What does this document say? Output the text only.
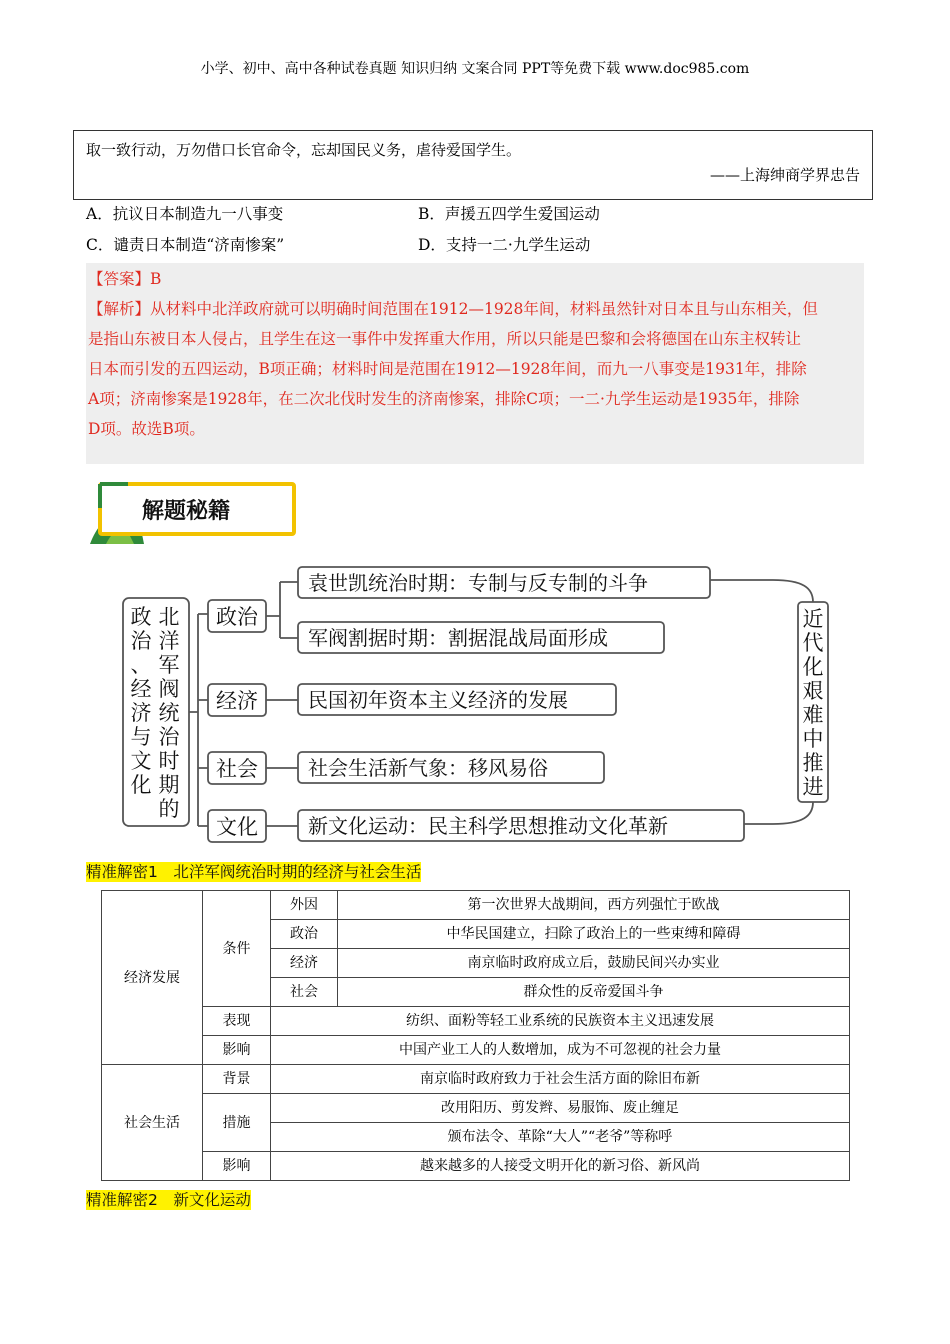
小学、初中、高中各种试卷真题 知识归纳 文案合同 PPT等免费下载 www.doc985.com
取一致行动，万勿借口长官命令，忘却国民义务，虐待爱国学生。
——上海绅商学界忠告
A．抗议日本制造九一八事变	B．声援五四学生爱国运动
C．谴责日本制造“济南惨案”	D．支持一二·九学生运动

【答案】B

【解析】从材料中北洋政府就可以明确时间范围在1912—1928年间，材料虽然针对日本且与山东相关，但

是指山东被日本人侵占，且学生在这一事件中发挥重大作用，所以只能是巴黎和会将德国在山东主权转让

日本而引发的五四运动，B项正确；材料时间是范围在1912—1928年间，而九一八事变是1931年，排除

A项；济南惨案是1928年，在二次北伐时发生的济南惨案，排除C项；一二·九学生运动是1935年，排除

D项。故选B项。

解题秘籍
北
洋
军
阀
统
治
时
期
的
政
治
、
经
济
与
文
化
政治
经济
社会
文化
袁世凯统治时期：专制与反专制的斗争
军阀割据时期：割据混战局面形成
民国初年资本主义经济的发展
社会生活新气象：移风易俗
新文化运动：民主科学思想推动文化革新
近
代
化
艰
难
中
推
进
精准解密1　北洋军阀统治时期的经济与社会生活
经济发展	条件	外因	第一次世界大战期间，西方列强忙于欧战
		政治	中华民国建立，扫除了政治上的一些束缚和障碍
		经济	南京临时政府成立后，鼓励民间兴办实业
		社会	群众性的反帝爱国斗争
	表现	纺织、面粉等轻工业系统的民族资本主义迅速发展	
	影响	中国产业工人的人数增加，成为不可忽视的社会力量	
社会生活	背景	南京临时政府致力于社会生活方面的除旧布新	
	措施	改用阳历、剪发辫、易服饰、废止缠足	
		颁布法令、革除“大人”“老爷”等称呼	
	影响	越来越多的人接受文明开化的新习俗、新风尚	
精准解密2　新文化运动
